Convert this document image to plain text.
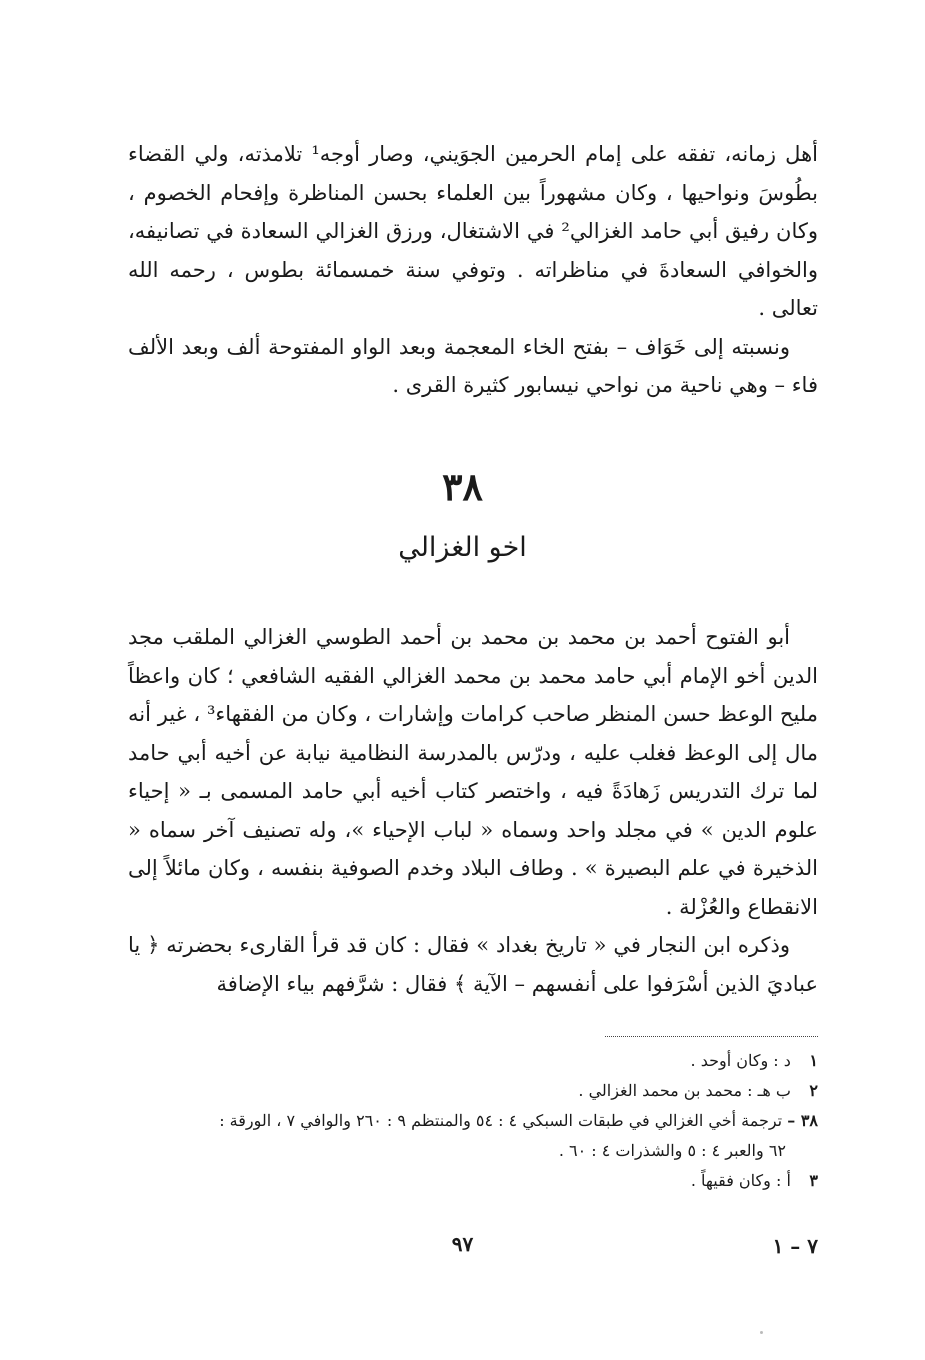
أهل زمانه، تفقه على إمام الحرمين الجوَيني، وصار أوجه¹ تلامذته، ولي القضاء بطُوسَ ونواحيها ، وكان مشهوراً بين العلماء بحسن المناظرة وإفحام الخصوم ، وكان رفيق أبي حامد الغزالي² في الاشتغال، ورزق الغزالي السعادة في تصانيفه، والخوافي السعادةَ في مناظراته . وتوفي سنة خمسمائة بطوس ، رحمه الله تعالى .

ونسبته إلى خَوَاف – بفتح الخاء المعجمة وبعد الواو المفتوحة ألف وبعد الألف فاء – وهي ناحية من نواحي نيسابور كثيرة القرى .

٣٨
اخو الغزالي

أبو الفتوح أحمد بن محمد بن محمد بن أحمد الطوسي الغزالي الملقب مجد الدين أخو الإمام أبي حامد محمد بن محمد الغزالي الفقيه الشافعي ؛ كان واعظاً مليح الوعظ حسن المنظر صاحب كرامات وإشارات ، وكان من الفقهاء³ ، غير أنه مال إلى الوعظ فغلب عليه ، ودرّس بالمدرسة النظامية نيابة عن أخيه أبي حامد لما ترك التدريس زَهادَةً فيه ، واختصر كتاب أخيه أبي حامد المسمى بـ « إحياء علوم الدين » في مجلد واحد وسماه « لباب الإحياء »، وله تصنيف آخر سماه « الذخيرة في علم البصيرة » . وطاف البلاد وخدم الصوفية بنفسه ، وكان مائلاً إلى الانقطاع والعُزْلة .

وذكره ابن النجار في « تاريخ بغداد » فقال : كان قد قرأ القارىء بحضرته ﴿ يا عباديَ الذين أسْرَفوا على أنفسهم – الآية ﴾ فقال : شرَّفهم بياء الإضافة

١ د : وكان أوحد .

٢ ب هـ : محمد بن محمد الغزالي .

٣٨ – ترجمة أخي الغزالي في طبقات السبكي ٤ : ٥٤ والمنتظم ٩ : ٢٦٠ والوافي ٧ ، الورقة :

٦٢ والعبر ٤ : ٥ والشذرات ٤ : ٦٠ .

٣ أ : وكان فقيهاً .

٩٧	٧ – ١
